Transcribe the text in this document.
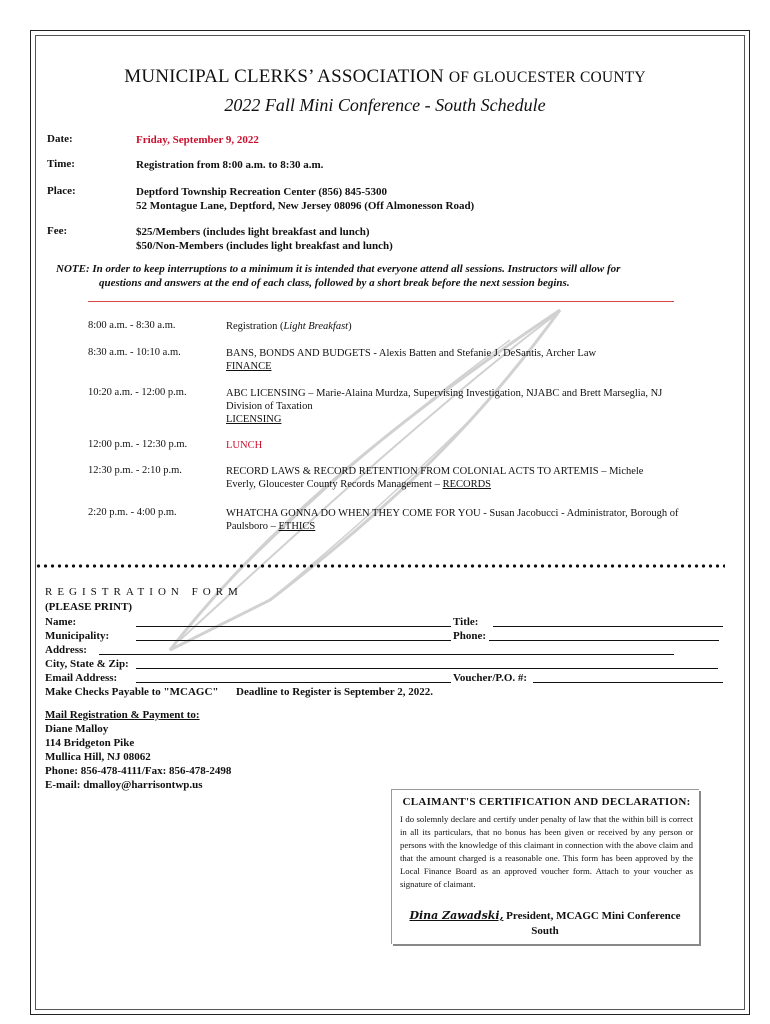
MUNICIPAL CLERKS’ ASSOCIATION OF GLOUCESTER COUNTY
2022 Fall Mini Conference - South Schedule
Date:	Friday, September 9, 2022
Time:	Registration from 8:00 a.m. to 8:30 a.m.
Place:	Deptford Township Recreation Center (856) 845-5300
52 Montague Lane, Deptford, New Jersey 08096 (Off Almonesson Road)
Fee:	$25/Members (includes light breakfast and lunch)
$50/Non-Members (includes light breakfast and lunch)
NOTE: In order to keep interruptions to a minimum it is intended that everyone attend all sessions. Instructors will allow for
questions and answers at the end of each class, followed by a short break before the next session begins.
8:00 a.m. - 8:30 a.m.	Registration (Light Breakfast)
8:30 a.m. - 10:10 a.m.	BANS, BONDS AND BUDGETS - Alexis Batten and Stefanie J. DeSantis, Archer Law
FINANCE
10:20 a.m. - 12:00 p.m.	ABC LICENSING – Marie-Alaina Murdza, Supervising Investigation, NJABC and Brett Marseglia, NJ
Division of Taxation
LICENSING
12:00 p.m. - 12:30 p.m.	LUNCH
12:30 p.m. - 2:10 p.m.	RECORD LAWS & RECORD RETENTION FROM COLONIAL ACTS TO ARTEMIS – Michele
Everly, Gloucester County Records Management – RECORDS
2:20 p.m. - 4:00 p.m.	WHATCHA GONNA DO WHEN THEY COME FOR YOU - Susan Jacobucci - Administrator, Borough of
Paulsboro – ETHICS
REGISTRATION FORM
(PLEASE PRINT)
Name:	Title:
Municipality:	Phone:
Address:
City, State & Zip:
Email Address:	Voucher/P.O. #:
Make Checks Payable to "MCAGC" Deadline to Register is September 2, 2022.
Mail Registration & Payment to:
Diane Malloy
114 Bridgeton Pike
Mullica Hill, NJ 08062
Phone: 856-478-4111/Fax: 856-478-2498
E-mail: dmalloy@harrisontwp.us
CLAIMANT'S CERTIFICATION AND DECLARATION:
I do solemnly declare and certify under penalty of law that the within bill is correct in all its particulars, that no bonus has been given or received by any person or persons with the knowledge of this claimant in connection with the above claim and that the amount charged is a reasonable one. This form has been approved by the Local Finance Board as an approved voucher form. Attach to your voucher as signature of claimant.
Dina Zawadski, President, MCAGC Mini Conference
South
